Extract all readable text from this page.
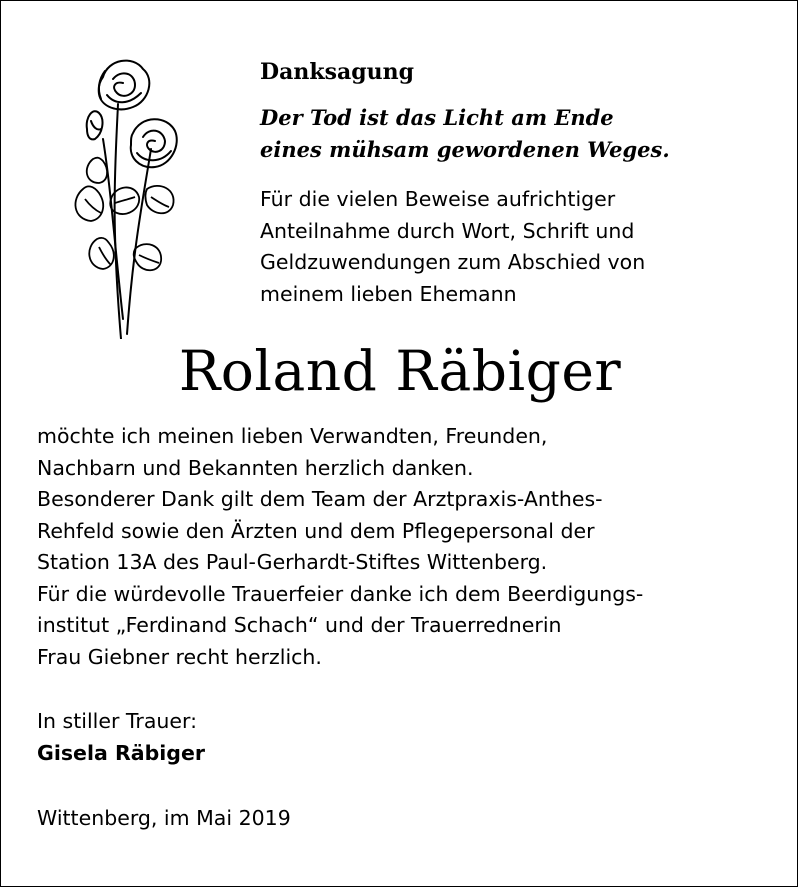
Danksagung
Der Tod ist das Licht am Ende
eines mühsam gewordenen Weges.
Für die vielen Beweise aufrichtiger
Anteilnahme durch Wort, Schrift und
Geldzuwendungen zum Abschied von
meinem lieben Ehemann
Roland Räbiger
möchte ich meinen lieben Verwandten, Freunden,
Nachbarn und Bekannten herzlich danken.
Besonderer Dank gilt dem Team der Arztpraxis-Anthes-
Rehfeld sowie den Ärzten und dem Pflegepersonal der
Station 13A des Paul-Gerhardt-Stiftes Wittenberg.
Für die würdevolle Trauerfeier danke ich dem Beerdigungs-
institut „Ferdinand Schach“ und der Trauerrednerin
Frau Giebner recht herzlich.
In stiller Trauer:
Gisela Räbiger
Wittenberg, im Mai 2019
